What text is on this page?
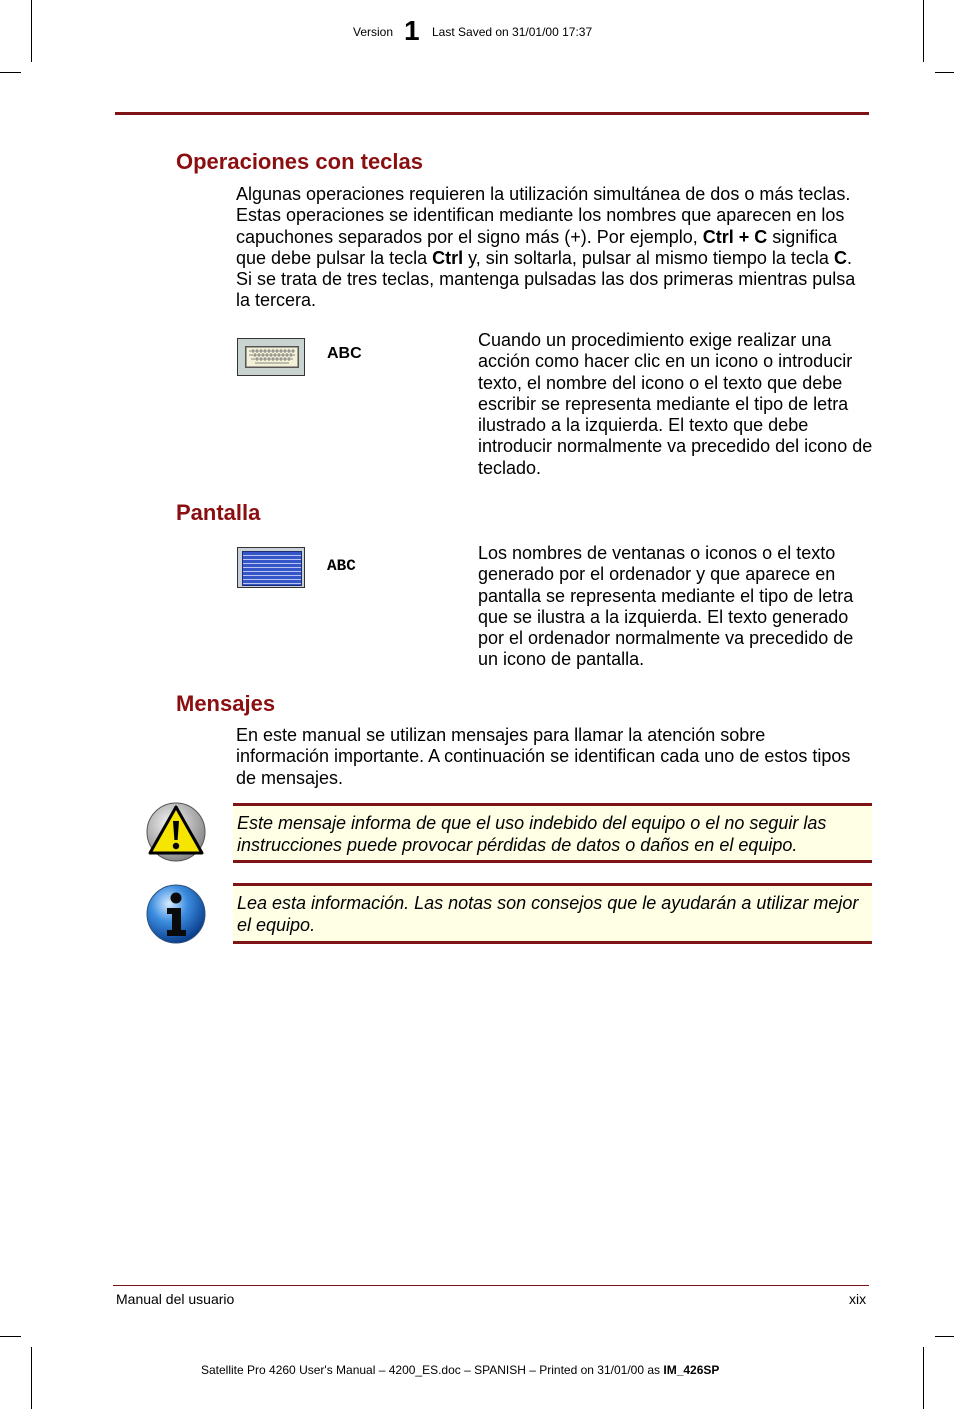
Version 1 Last Saved on 31/01/00 17:37
Operaciones con teclas
Algunas operaciones requieren la utilización simultánea de dos o más teclas. Estas operaciones se identifican mediante los nombres que aparecen en los capuchones separados por el signo más (+). Por ejemplo, Ctrl + C significa que debe pulsar la tecla Ctrl y, sin soltarla, pulsar al mismo tiempo la tecla C. Si se trata de tres teclas, mantenga pulsadas las dos primeras mientras pulsa la tercera.
ABC
Cuando un procedimiento exige realizar una acción como hacer clic en un icono o introducir texto, el nombre del icono o el texto que debe escribir se representa mediante el tipo de letra ilustrado a la izquierda. El texto que debe introducir normalmente va precedido del icono de teclado.
Pantalla
ABC
Los nombres de ventanas o iconos o el texto generado por el ordenador y que aparece en pantalla se representa mediante el tipo de letra que se ilustra a la izquierda. El texto generado por el ordenador normalmente va precedido de un icono de pantalla.
Mensajes
En este manual se utilizan mensajes para llamar la atención sobre información importante. A continuación se identifican cada uno de estos tipos de mensajes.
Este mensaje informa de que el uso indebido del equipo o el no seguir las instrucciones puede provocar pérdidas de datos o daños en el equipo.
Lea esta información. Las notas son consejos que le ayudarán a utilizar mejor el equipo.
Manual del usuario	xix
Satellite Pro 4260 User's Manual – 4200_ES.doc – SPANISH – Printed on 31/01/00 as IM_426SP
